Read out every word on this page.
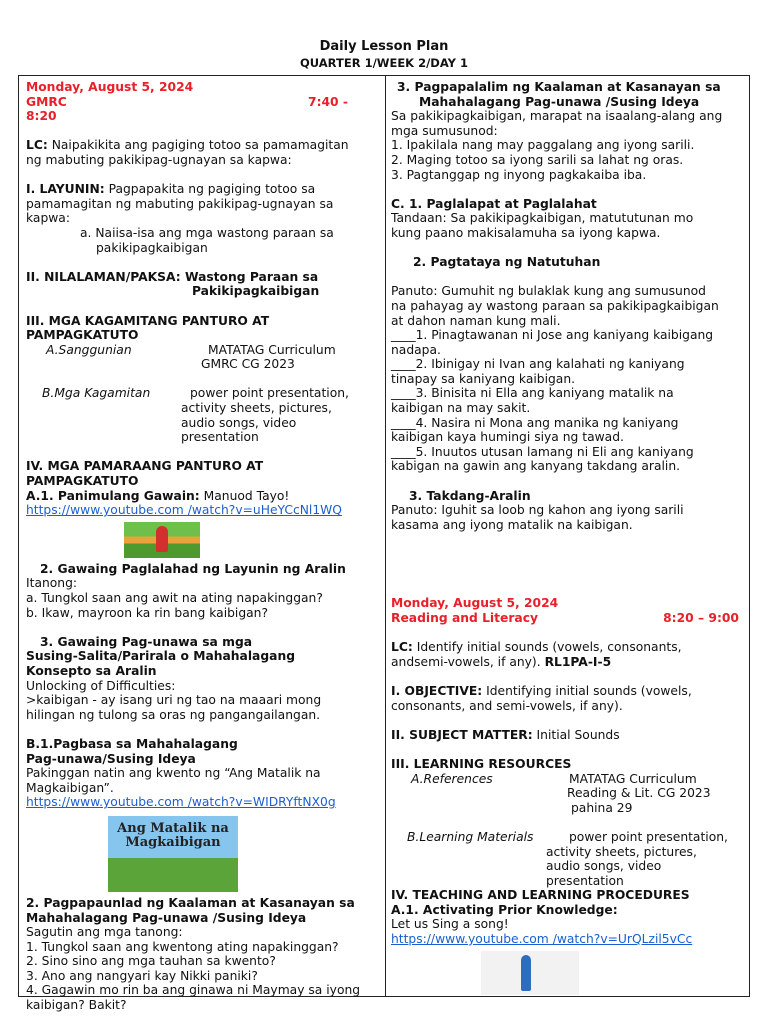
Daily Lesson Plan
QUARTER 1/WEEK 2/DAY 1

Monday, August 5, 2024

GMRC	7:40 -

8:20

LC: Naipakikita ang pagiging totoo sa pamamagitan

ng mabuting pakikipag-ugnayan sa kapwa:

I. LAYUNIN: Pagpapakita ng pagiging totoo sa

pamamagitan ng mabuting pakikipag-ugnayan sa

kapwa:

a. Naiisa-isa ang mga wastong paraan sa

pakikipagkaibigan

II. NILALAMAN/PAKSA: Wastong Paraan sa

Pakikipagkaibigan

III. MGA KAGAMITANG PANTURO AT

PAMPAGKATUTO

A.Sanggunian	MATATAG Curriculum

GMRC CG 2023

B.Mga Kagamitan	power point presentation,

activity sheets, pictures,

audio songs, video

presentation

IV. MGA PAMARAANG PANTURO AT

PAMPAGKATUTO

A.1. Panimulang Gawain: Manuod Tayo!

https://www.youtube.com /watch?v=uHeYCcNl1WQ

2. Gawaing Paglalahad ng Layunin ng Aralin

Itanong:

a. Tungkol saan ang awit na ating napakinggan?

b. Ikaw, mayroon ka rin bang kaibigan?

3. Gawaing Pag-unawa sa mga

Susing-Salita/Parirala o Mahahalagang

Konsepto sa Aralin

Unlocking of Difficulties:

>kaibigan - ay isang uri ng tao na maaari mong

hilingan ng tulong sa oras ng pangangailangan.

B.1.Pagbasa sa Mahahalagang

Pag-unawa/Susing Ideya

Pakinggan natin ang kwento ng “Ang Matalik na

Magkaibigan”.

https://www.youtube.com /watch?v=WIDRYftNX0g

Ang Matalik na Magkaibigan

2. Pagpapaunlad ng Kaalaman at Kasanayan sa

Mahahalagang Pag-unawa /Susing Ideya

Sagutin ang mga tanong:

1. Tungkol saan ang kwentong ating napakinggan?

2. Sino sino ang mga tauhan sa kwento?

3. Ano ang nangyari kay Nikki paniki?

4. Gagawin mo rin ba ang ginawa ni Maymay sa iyong

kaibigan? Bakit?

3. Pagpapalalim ng Kaalaman at Kasanayan sa

Mahahalagang Pag-unawa /Susing Ideya

Sa pakikipagkaibigan, marapat na isaalang-alang ang

mga sumusunod:

1. Ipakilala nang may paggalang ang iyong sarili.

2. Maging totoo sa iyong sarili sa lahat ng oras.

3. Pagtanggap ng inyong pagkakaiba iba.

C. 1. Paglalapat at Paglalahat

Tandaan: Sa pakikipagkaibigan, matututunan mo

kung paano makisalamuha sa iyong kapwa.

2. Pagtataya ng Natutuhan

Panuto: Gumuhit ng bulaklak kung ang sumusunod

na pahayag ay wastong paraan sa pakikipagkaibigan

at dahon naman kung mali.

____1. Pinagtawanan ni Jose ang kaniyang kaibigang

nadapa.

____2. Ibinigay ni Ivan ang kalahati ng kaniyang

tinapay sa kaniyang kaibigan.

____3. Binisita ni Ella ang kaniyang matalik na

kaibigan na may sakit.

____4. Nasira ni Mona ang manika ng kaniyang

kaibigan kaya humingi siya ng tawad.

____5. Inuutos utusan lamang ni Eli ang kaniyang

kabigan na gawin ang kanyang takdang aralin.

3. Takdang-Aralin

Panuto: Iguhit sa loob ng kahon ang iyong sarili

kasama ang iyong matalik na kaibigan.

Monday, August 5, 2024

Reading and Literacy	8:20 – 9:00

LC: Identify initial sounds (vowels, consonants,

andsemi-vowels, if any). RL1PA-I-5

I. OBJECTIVE: Identifying initial sounds (vowels,

consonants, and semi-vowels, if any).

II. SUBJECT MATTER: Initial Sounds

III. LEARNING RESOURCES

A.References	MATATAG Curriculum

Reading & Lit. CG 2023

pahina 29

B.Learning Materials	power point presentation,

activity sheets, pictures,

audio songs, video

presentation

IV. TEACHING AND LEARNING PROCEDURES

A.1. Activating Prior Knowledge:

Let us Sing a song!

https://www.youtube.com /watch?v=UrQLzil5vCc
